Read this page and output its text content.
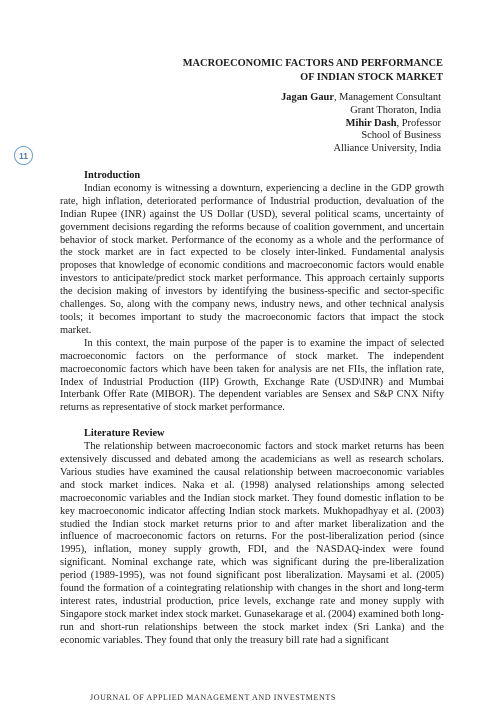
11
MACROECONOMIC FACTORS AND PERFORMANCE
OF INDIAN STOCK MARKET
Jagan Gaur, Management Consultant
Grant Thoraton, India
Mihir Dash, Professor
School of Business
Alliance University, India
Introduction

Indian economy is witnessing a downturn, experiencing a decline in the GDP growth rate, high inflation, deteriorated performance of Industrial production, devaluation of the Indian Rupee (INR) against the US Dollar (USD), several political scams, uncertainty of government decisions regarding the reforms because of coalition government, and uncertain behavior of stock market. Performance of the economy as a whole and the performance of the stock market are in fact expected to be closely inter-linked. Fundamental analysis proposes that knowledge of economic conditions and macroeconomic factors would enable investors to anticipate/predict stock market performance. This approach certainly supports the decision making of investors by identifying the business-specific and sector-specific challenges. So, along with the company news, industry news, and other technical analysis tools; it becomes important to study the macroeconomic factors that impact the stock market.

In this context, the main purpose of the paper is to examine the impact of selected macroeconomic factors on the performance of stock market. The independent macroeconomic factors which have been taken for analysis are net FIIs, the inflation rate, Index of Industrial Production (IIP) Growth, Exchange Rate (USD\INR) and Mumbai Interbank Offer Rate (MIBOR). The dependent variables are Sensex and S&P CNX Nifty returns as representative of stock market performance.

Literature Review

The relationship between macroeconomic factors and stock market returns has been extensively discussed and debated among the academicians as well as research scholars. Various studies have examined the causal relationship between macroeconomic variables and stock market indices. Naka et al. (1998) analysed relationships among selected macroeconomic variables and the Indian stock market. They found domestic inflation to be key macroeconomic indicator affecting Indian stock markets. Mukhopadhyay et al. (2003) studied the Indian stock market returns prior to and after market liberalization and the influence of macroeconomic factors on returns. For the post-liberalization period (since 1995), inflation, money supply growth, FDI, and the NASDAQ-index were found significant. Nominal exchange rate, which was significant during the pre-liberalization period (1989-1995), was not found significant post liberalization. Maysami et al. (2005) found the formation of a cointegrating relationship with changes in the short and long-term interest rates, industrial production, price levels, exchange rate and money supply with Singapore stock market index stock market. Gunasekarage et al. (2004) examined both long-run and short-run relationships between the stock market index (Sri Lanka) and the economic variables. They found that only the treasury bill rate had a significant

JOURNAL OF APPLIED MANAGEMENT AND INVESTMENTS
